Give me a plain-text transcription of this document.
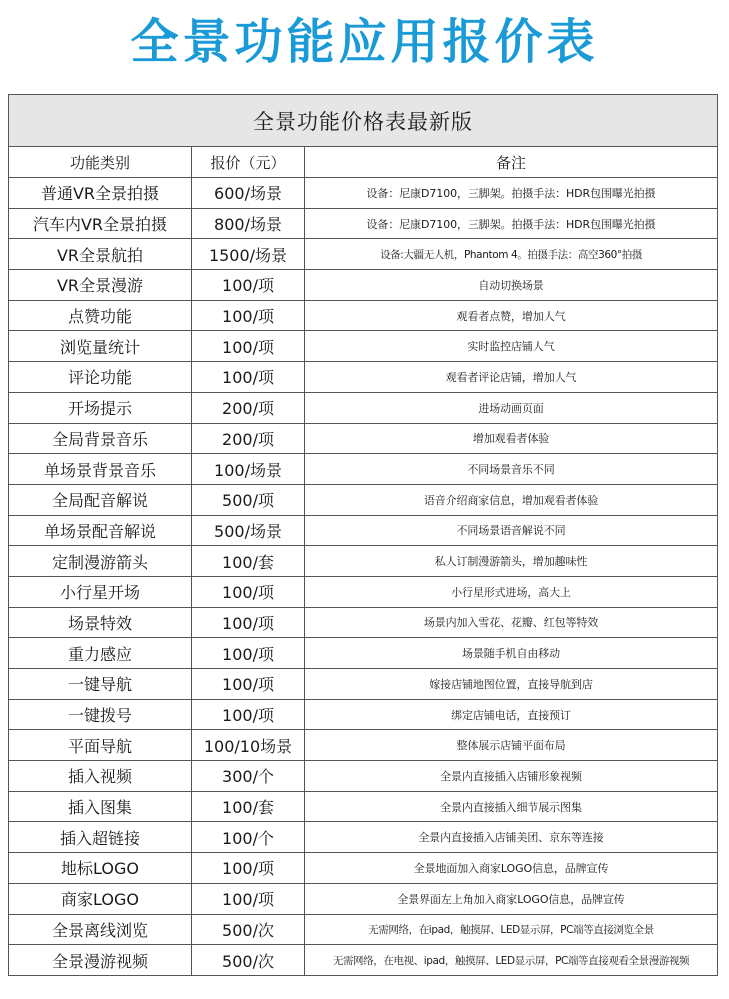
全景功能应用报价表
全景功能价格表最新版		
功能类别	报价（元）	备注
普通VR全景拍摄	600/场景	设备：尼康D7100，三脚架。拍摄手法：HDR包围曝光拍摄
汽车内VR全景拍摄	800/场景	设备：尼康D7100，三脚架。拍摄手法：HDR包围曝光拍摄
VR全景航拍	1500/场景	设备:大疆无人机，Phantom 4。拍摄手法：高空360°拍摄
VR全景漫游	100/项	自动切换场景
点赞功能	100/项	观看者点赞，增加人气
浏览量统计	100/项	实时监控店铺人气
评论功能	100/项	观看者评论店铺，增加人气
开场提示	200/项	进场动画页面
全局背景音乐	200/项	增加观看者体验
单场景背景音乐	100/场景	不同场景音乐不同
全局配音解说	500/项	语音介绍商家信息，增加观看者体验
单场景配音解说	500/场景	不同场景语音解说不同
定制漫游箭头	100/套	私人订制漫游箭头，增加趣味性
小行星开场	100/项	小行星形式进场，高大上
场景特效	100/项	场景内加入雪花、花瓣、红包等特效
重力感应	100/项	场景随手机自由移动
一键导航	100/项	嫁接店铺地图位置，直接导航到店
一键拨号	100/项	绑定店铺电话，直接预订
平面导航	100/10场景	整体展示店铺平面布局
插入视频	300/个	全景内直接插入店铺形象视频
插入图集	100/套	全景内直接插入细节展示图集
插入超链接	100/个	全景内直接插入店铺美团、京东等连接
地标LOGO	100/项	全景地面加入商家LOGO信息，品牌宣传
商家LOGO	100/项	全景界面左上角加入商家LOGO信息，品牌宣传
全景离线浏览	500/次	无需网络，在ipad，触摸屏、LED显示屏，PC端等直接浏览全景
全景漫游视频	500/次	无需网络，在电视、ipad，触摸屏、LED显示屏，PC端等直接观看全景漫游视频
